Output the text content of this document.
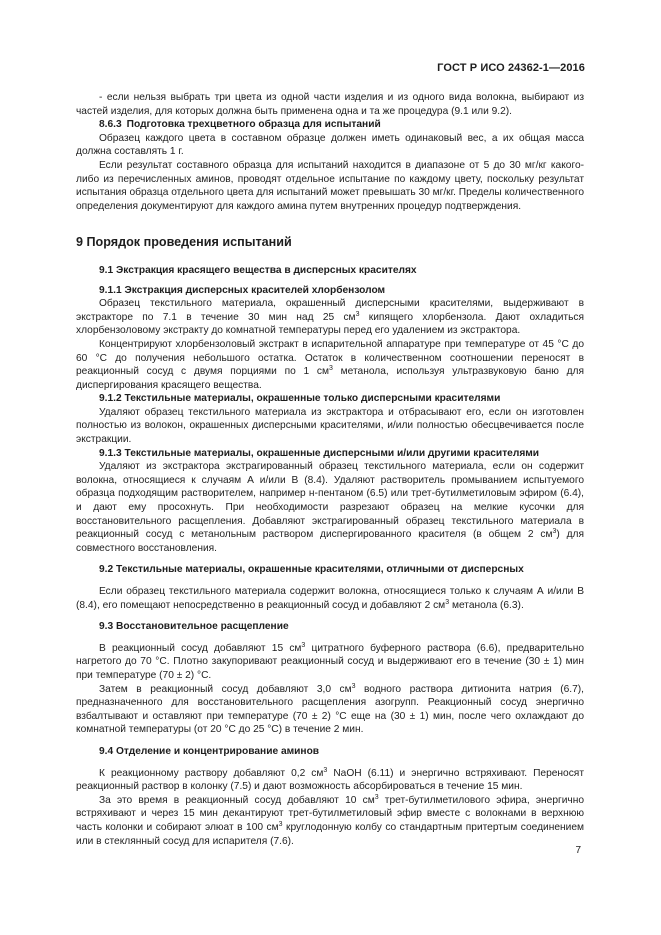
ГОСТ Р ИСО 24362-1—2016

- если нельзя выбрать три цвета из одной части изделия и из одного вида волокна, выбирают из частей изделия, для которых должна быть применена одна и та же процедура (9.1 или 9.2).

8.6.3 Подготовка трехцветного образца для испытаний

Образец каждого цвета в составном образце должен иметь одинаковый вес, а их общая масса должна составлять 1 г.

Если результат составного образца для испытаний находится в диапазоне от 5 до 30 мг/кг какого-либо из перечисленных аминов, проводят отдельное испытание по каждому цвету, поскольку результат испытания образца отдельного цвета для испытаний может превышать 30 мг/кг. Пределы количественного определения документируют для каждого амина путем внутренних процедур подтверждения.

9 Порядок проведения испытаний

9.1 Экстракция красящего вещества в дисперсных красителях

9.1.1 Экстракция дисперсных красителей хлорбензолом

Образец текстильного материала, окрашенный дисперсными красителями, выдерживают в экстракторе по 7.1 в течение 30 мин над 25 $см^3$ кипящего хлорбензола. Дают охладиться хлорбензоловому экстракту до комнатной температуры перед его удалением из экстрактора.

Концентрируют хлорбензоловый экстракт в испарительной аппаратуре при температуре от 45 °С до 60 °С до получения небольшого остатка. Остаток в количественном соотношении переносят в реакционный сосуд с двумя порциями по 1 $см^3$ метанола, используя ультразвуковую баню для диспергирования красящего вещества.

9.1.2 Текстильные материалы, окрашенные только дисперсными красителями

Удаляют образец текстильного материала из экстрактора и отбрасывают его, если он изготовлен полностью из волокон, окрашенных дисперсными красителями, и/или полностью обесцвечивается после экстракции.

9.1.3 Текстильные материалы, окрашенные дисперсными и/или другими красителями

Удаляют из экстрактора экстрагированный образец текстильного материала, если он содержит волокна, относящиеся к случаям А и/или В (8.4). Удаляют растворитель промыванием испытуемого образца подходящим растворителем, например н-пентаном (6.5) или трет-бутилметиловым эфиром (6.4), и дают ему просохнуть. При необходимости разрезают образец на мелкие кусочки для восстановительного расщепления. Добавляют экстрагированный образец текстильного материала в реакционный сосуд с метанольным раствором диспергированного красителя (в общем 2 $см^3$) для совместного восстановления.

9.2 Текстильные материалы, окрашенные красителями, отличными от дисперсных

Если образец текстильного материала содержит волокна, относящиеся только к случаям А и/или В (8.4), его помещают непосредственно в реакционный сосуд и добавляют 2 $см^3$ метанола (6.3).

9.3 Восстановительное расщепление

В реакционный сосуд добавляют 15 $см^3$ цитратного буферного раствора (6.6), предварительно нагретого до 70 °С. Плотно закупоривают реакционный сосуд и выдерживают его в течение (30 ± 1) мин при температуре (70 ± 2) °С.

Затем в реакционный сосуд добавляют 3,0 $см^3$ водного раствора дитионита натрия (6.7), предназначенного для восстановительного расщепления азогрупп. Реакционный сосуд энергично взбалтывают и оставляют при температуре (70 ± 2) °С еще на (30 ± 1) мин, после чего охлаждают до комнатной температуры (от 20 °С до 25 °С) в течение 2 мин.

9.4 Отделение и концентрирование аминов

К реакционному раствору добавляют 0,2 $см^3$ NaOH (6.11) и энергично встряхивают. Переносят реакционный раствор в колонку (7.5) и дают возможность абсорбироваться в течение 15 мин.

За это время в реакционный сосуд добавляют 10 $см^3$ трет-бутилметилового эфира, энергично встряхивают и через 15 мин декантируют трет-бутилметиловый эфир вместе с волокнами в верхнюю часть колонки и собирают элюат в 100 $см^3$ круглодонную колбу со стандартным притертым соединением или в стеклянный сосуд для испарителя (7.6).

7
